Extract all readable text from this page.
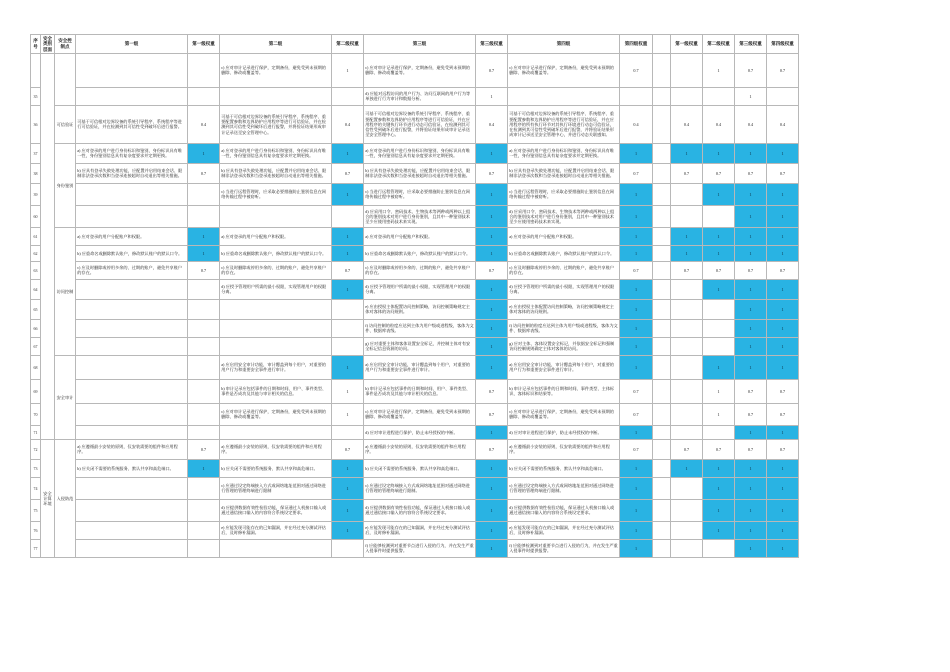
序号	安全类别层面	安全控制点	第一级	第一级权重	第二级	第二级权重	第三级	第三级权重	第四级	第四级权重		第一级权重	第二级权重	第三级权重	第四级权重
					c) 应对审计记录进行保护，定期备份，避免受到未预期的删除、修改或覆盖等。	1	c) 应对审计记录进行保护，定期备份，避免受到未预期的删除、修改或覆盖等。	0.7	c) 应对审计记录进行保护，定期备份，避免受到未预期的删除、修改或覆盖等。	0.7			1	0.7	0.7
35							d) 应能对远程访问的用户行为、访问互联网的用户行为等单独进行行为审计和数据分析。	1						1	
36		可信验证	可基于可信根对边界设备的系统引导程序、系统程序等进行可信验证，并在检测到其可信性受到破坏后进行报警。	0.4	可基于可信根对边界设备的系统引导程序、系统程序、重要配置参数和边界防护应用程序等进行可信验证，并在检测到其可信性受到破坏后进行报警，并将验证结果形成审计记录送至安全管理中心。	0.4	可基于可信根对边界设备的系统引导程序、系统程序、重要配置参数和边界防护应用程序等进行可信验证，并在应用程序的关键执行环节进行动态可信验证，在检测到其可信性受到破坏后进行报警，并将验证结果形成审计记录送至安全管理中心。	0.4	可基于可信根对边界设备的系统引导程序、系统程序、重要配置参数和边界防护应用程序等进行可信验证，并在应用程序的所有执行环节对其执行环境进行动态可信验证，在检测到其可信性受到破坏后进行报警，并将验证结果形成审计记录送至安全管理中心，并进行动态关联感知。	0.4		0.4	0.4	0.4	0.4
37		身份鉴别	a) 应对登录的用户进行身份标识和鉴别，身份标识具有唯一性，身份鉴别信息具有复杂度要求并定期更换。	1	a) 应对登录的用户进行身份标识和鉴别，身份标识具有唯一性，身份鉴别信息具有复杂度要求并定期更换。	1	a) 应对登录的用户进行身份标识和鉴别，身份标识具有唯一性，身份鉴别信息具有复杂度要求并定期更换。	1	a) 应对登录的用户进行身份标识和鉴别，身份标识具有唯一性，身份鉴别信息具有复杂度要求并定期更换。	1		1	1	1	1
38			b) 应具有登录失败处理功能，应配置并启用结束会话、限制非法登录次数和当登录连接超时自动退出等相关措施。	0.7	b) 应具有登录失败处理功能，应配置并启用结束会话、限制非法登录次数和当登录连接超时自动退出等相关措施。	0.7	b) 应具有登录失败处理功能，应配置并启用结束会话、限制非法登录次数和当登录连接超时自动退出等相关措施。	0.7	b) 应具有登录失败处理功能，应配置并启用结束会话、限制非法登录次数和当登录连接超时自动退出等相关措施。	0.7		0.7	0.7	0.7	0.7
39					c) 当进行远程管理时，应采取必要措施防止鉴别信息在网络传输过程中被窃听。	1	c) 当进行远程管理时，应采取必要措施防止鉴别信息在网络传输过程中被窃听。	1	c) 当进行远程管理时，应采取必要措施防止鉴别信息在网络传输过程中被窃听。	1			1	1	1
60							d) 应采用口令、密码技术、生物技术等两种或两种以上组合的鉴别技术对用户进行身份鉴别，且其中一种鉴别技术至少应使用密码技术来实现。	1	d) 应采用口令、密码技术、生物技术等两种或两种以上组合的鉴别技术对用户进行身份鉴别，且其中一种鉴别技术至少应使用密码技术来实现。	1				1	1
61		访问控制	a) 应对登录的用户分配账户和权限。	1	a) 应对登录的用户分配账户和权限。	1	a) 应对登录的用户分配账户和权限。	1	a) 应对登录的用户分配账户和权限。	1		1	1	1	1
62			b) 应重命名或删除默认账户，修改默认账户的默认口令。	1	b) 应重命名或删除默认账户，修改默认账户的默认口令。	1	b) 应重命名或删除默认账户，修改默认账户的默认口令。	1	b) 应重命名或删除默认账户，修改默认账户的默认口令。	1		1	1	1	1
63			c) 应及时删除或停用多余的、过期的账户，避免共享账户的存在。	0.7	c) 应及时删除或停用多余的、过期的账户，避免共享账户的存在。	0.7	c) 应及时删除或停用多余的、过期的账户，避免共享账户的存在。	0.7	c) 应及时删除或停用多余的、过期的账户，避免共享账户的存在。	0.7		0.7	0.7	0.7	0.7
64					d) 应授予管理用户所需的最小权限，实现管理用户的权限分离。	1	d) 应授予管理用户所需的最小权限，实现管理用户的权限分离。	1	d) 应授予管理用户所需的最小权限，实现管理用户的权限分离。	1			1	1	1
65							e) 应由授权主体配置访问控制策略，访问控制策略规定主体对客体的访问规则。	1	e) 应由授权主体配置访问控制策略，访问控制策略规定主体对客体的访问规则。	1				1	1
66							f) 访问控制的粒度应达到主体为用户级或进程级，客体为文件、数据库表级。	1	f) 访问控制的粒度应达到主体为用户级或进程级，客体为文件、数据库表级。	1				1	1
67							g) 应对重要主体和客体设置安全标记，并控制主体对有安全标记信息资源的访问。	1	g) 应对主体、客体设置安全标记，并依据安全标记和强制访问控制规则确定主体对客体的访问。	1				1	1
68		安全审计			a) 应启用安全审计功能，审计覆盖到每个用户，对重要的用户行为和重要安全事件进行审计。	1	a) 应启用安全审计功能，审计覆盖到每个用户，对重要的用户行为和重要安全事件进行审计。	1	a) 应启用安全审计功能，审计覆盖到每个用户，对重要的用户行为和重要安全事件进行审计。	1			1	1	1
69					b) 审计记录应包括事件的日期和时间、用户、事件类型、事件是否成功及其他与审计相关的信息。	1	b) 审计记录应包括事件的日期和时间、用户、事件类型、事件是否成功及其他与审计相关的信息。	0.7	b) 审计记录应包括事件的日期和时间、事件类型、主体标识、客体标识和结果等。	0.7			1	0.7	0.7
70					c) 应对审计记录进行保护，定期备份，避免受到未预期的删除、修改或覆盖等。	1	c) 应对审计记录进行保护，定期备份，避免受到未预期的删除、修改或覆盖等。	0.7	c) 应对审计记录进行保护，定期备份，避免受到未预期的删除、修改或覆盖等。	0.7			1	0.7	0.7
71							d) 应对审计进程进行保护，防止未经授权的中断。	1	d) 应对审计进程进行保护，防止未经授权的中断。	1				1	1
72	安全计算环境	入侵防范	a) 应遵循最小安装的原则，仅安装需要的组件和应用程序。	0.7	a) 应遵循最小安装的原则，仅安装需要的组件和应用程序。	0.7	a) 应遵循最小安装的原则，仅安装需要的组件和应用程序。	0.7	a) 应遵循最小安装的原则，仅安装需要的组件和应用程序。	0.7		0.7	0.7	0.7	0.7
73			b) 应关闭不需要的系统服务、默认共享和高危端口。	1	b) 应关闭不需要的系统服务、默认共享和高危端口。	1	b) 应关闭不需要的系统服务、默认共享和高危端口。	1	b) 应关闭不需要的系统服务、默认共享和高危端口。	1		1	1	1	1
74					c) 应通过设定终端接入方式或网络地址范围对通过网络进行管理的管理终端进行限制	1	c) 应通过设定终端接入方式或网络地址范围对通过网络进行管理的管理终端进行限制。	1	c) 应通过设定终端接入方式或网络地址范围对通过网络进行管理的管理终端进行限制。	1			1	1	1
75					d) 应提供数据有效性检验功能，保证通过人机接口输入或通过通信接口输入的内容符合系统设定要求。	1	d) 应提供数据有效性检验功能，保证通过人机接口输入或通过通信接口输入的内容符合系统设定要求。	1	d) 应提供数据有效性检验功能，保证通过人机接口输入或通过通信接口输入的内容符合系统设定要求。	1			1	1	1
76					e) 应能发现可能存在的已知漏洞，并在经过充分测试评估后，及时修补漏洞。	1	e) 应能发现可能存在的已知漏洞，并在经过充分测试评估后，及时修补漏洞。	1	e) 应能发现可能存在的已知漏洞，并在经过充分测试评估后，及时修补漏洞。	1			1	1	1
77							f) 应能够检测到对重要节点进行入侵的行为，并在发生严重入侵事件时提供报警。	1	f) 应能够检测到对重要节点进行入侵的行为，并在发生严重入侵事件时提供报警。	1				1	1
